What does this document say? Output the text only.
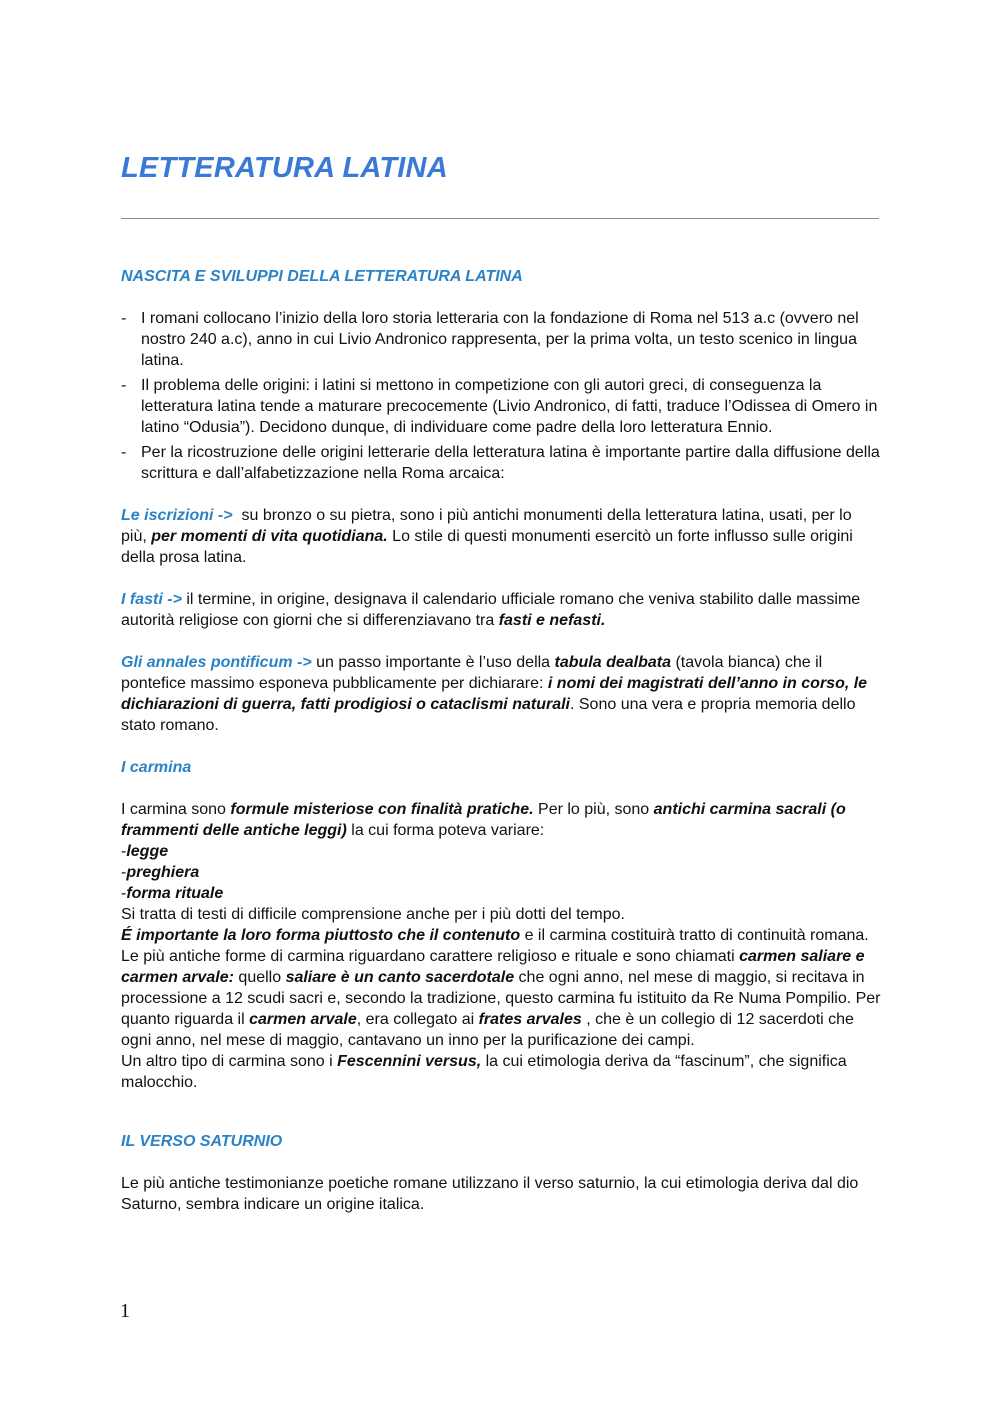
LETTERATURA LATINA
NASCITA E SVILUPPI DELLA LETTERATURA LATINA
- I romani collocano l’inizio della loro storia letteraria con la fondazione di Roma nel 513 a.c (ovvero nel nostro 240 a.c), anno in cui Livio Andronico rappresenta, per la prima volta, un testo scenico in lingua latina.
- Il problema delle origini: i latini si mettono in competizione con gli autori greci, di conseguenza la letteratura latina tende a maturare precocemente (Livio Andronico, di fatti, traduce l’Odissea di Omero in latino “Odusia”). Decidono dunque, di individuare come padre della loro letteratura Ennio.
- Per la ricostruzione delle origini letterarie della letteratura latina è importante partire dalla diffusione della scrittura e dall’alfabetizzazione nella Roma arcaica:

Le iscrizioni ->  su bronzo o su pietra, sono i più antichi monumenti della letteratura latina, usati, per lo più, per momenti di vita quotidiana. Lo stile di questi monumenti esercitò un forte influsso sulle origini della prosa latina.

I fasti -> il termine, in origine, designava il calendario ufficiale romano che veniva stabilito dalle massime autorità religiose con giorni che si differenziavano tra fasti e nefasti.

Gli annales pontificum -> un passo importante è l’uso della tabula dealbata (tavola bianca) che il pontefice massimo esponeva pubblicamente per dichiarare: i nomi dei magistrati dell’anno in corso, le dichiarazioni di guerra, fatti prodigiosi o cataclismi naturali. Sono una vera e propria memoria dello stato romano.

I carmina

I carmina sono formule misteriose con finalità pratiche. Per lo più, sono antichi carmina sacrali (o frammenti delle antiche leggi) la cui forma poteva variare:

-legge

-preghiera

-forma rituale

Si tratta di testi di difficile comprensione anche per i più dotti del tempo.

É importante la loro forma piuttosto che il contenuto e il carmina costituirà tratto di continuità romana.

Le più antiche forme di carmina riguardano carattere religioso e rituale e sono chiamati carmen saliare e carmen arvale: quello saliare è un canto sacerdotale che ogni anno, nel mese di maggio, si recitava in processione a 12 scudi sacri e, secondo la tradizione, questo carmina fu istituito da Re Numa Pompilio. Per quanto riguarda il carmen arvale, era collegato ai frates arvales , che è un collegio di 12 sacerdoti che ogni anno, nel mese di maggio, cantavano un inno per la purificazione dei campi.

Un altro tipo di carmina sono i Fescennini versus, la cui etimologia deriva da “fascinum”, che significa malocchio.

IL VERSO SATURNIO

Le più antiche testimonianze poetiche romane utilizzano il verso saturnio, la cui etimologia deriva dal dio Saturno, sembra indicare un origine italica.

1
